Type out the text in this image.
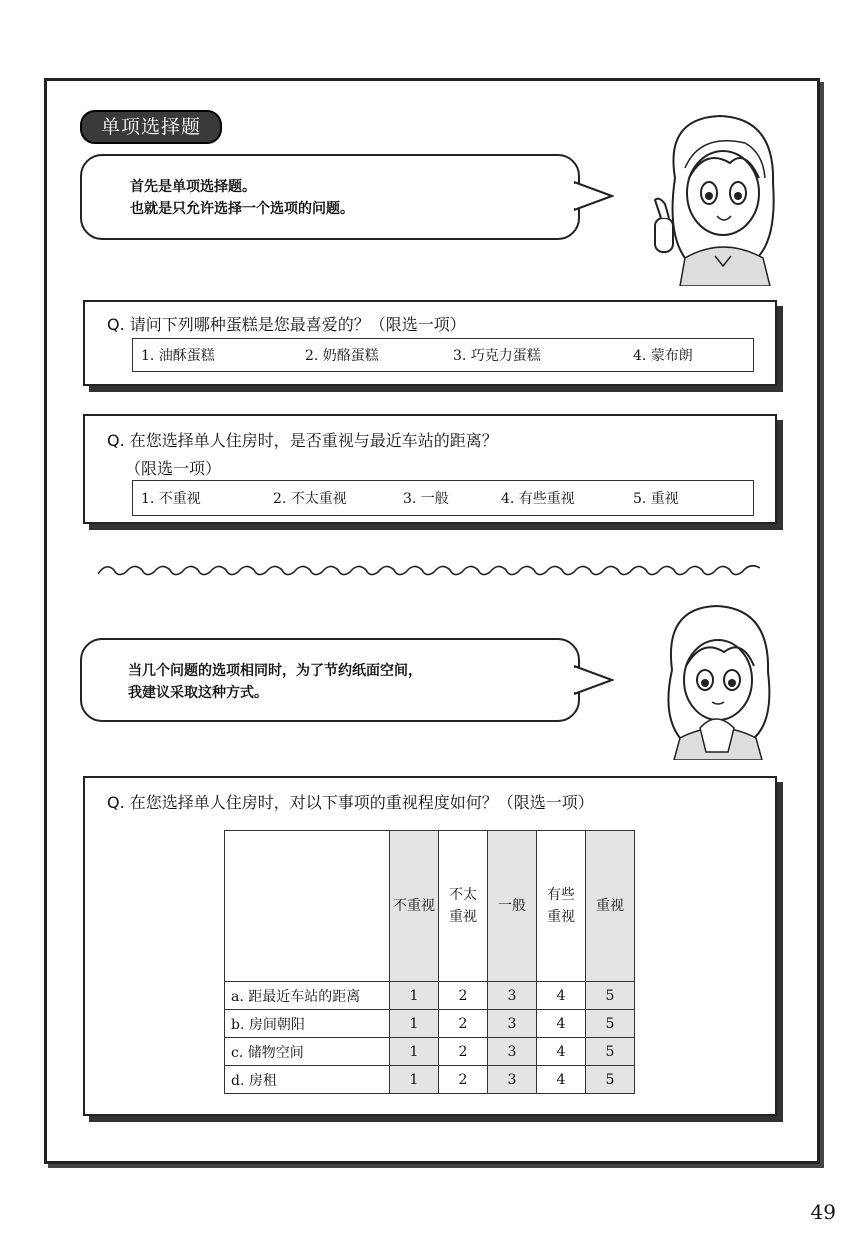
单项选择题
首先是单项选择题。
也就是只允许选择一个选项的问题。
Q. 请问下列哪种蛋糕是您最喜爱的？（限选一项）
1. 油酥蛋糕	2. 奶酪蛋糕	3. 巧克力蛋糕	4. 蒙布朗
Q. 在您选择单人住房时，是否重视与最近车站的距离？
（限选一项）
1. 不重视	2. 不太重视	3. 一般	4. 有些重视	5. 重视
当几个问题的选项相同时，为了节约纸面空间，
我建议采取这种方式。
Q. 在您选择单人住房时，对以下事项的重视程度如何？（限选一项）
	不重视	不太
重视	一般	有些
重视	重视
a. 距最近车站的距离	1	2	3	4	5
b. 房间朝阳	1	2	3	4	5
c. 储物空间	1	2	3	4	5
d. 房租	1	2	3	4	5
49
